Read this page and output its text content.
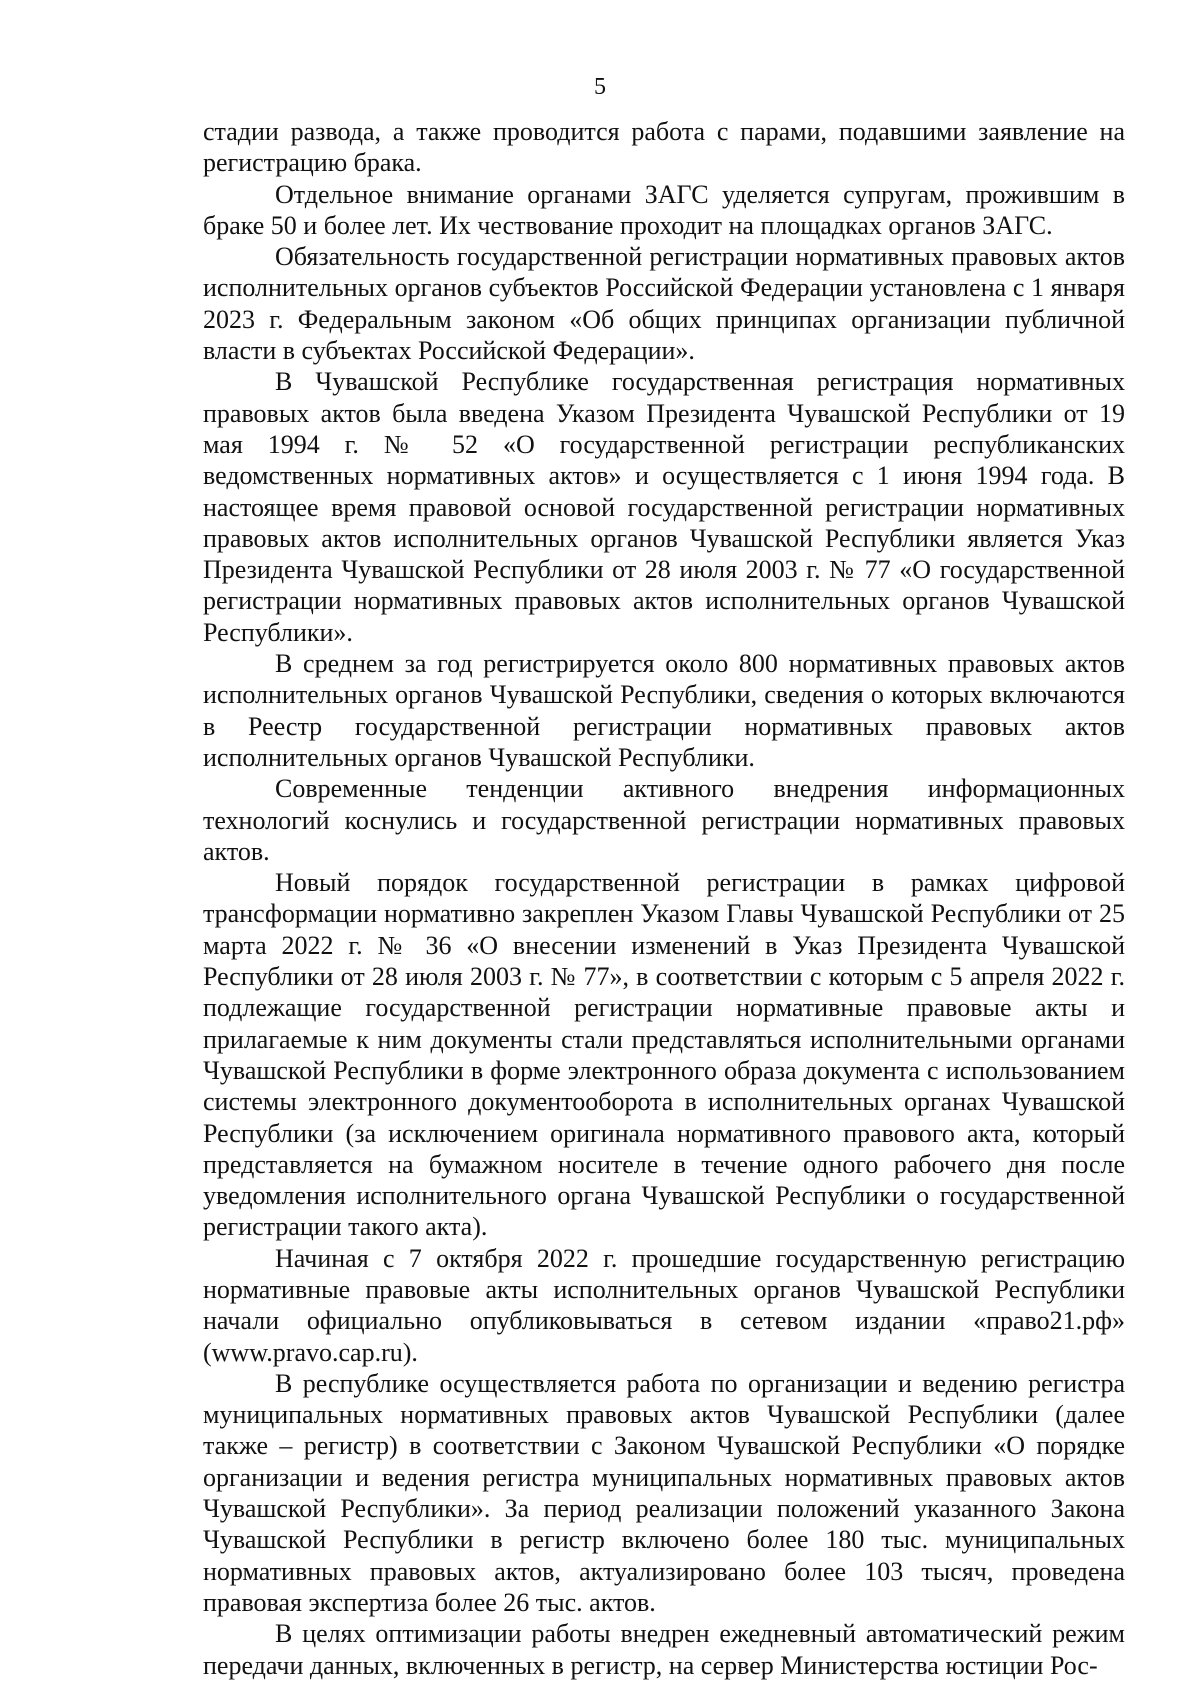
5

стадии развода, а также проводится работа с парами, подавшими заявление на регистрацию брака.

Отдельное внимание органами ЗАГС уделяется супругам, прожившим в браке 50 и более лет. Их чествование проходит на площадках органов ЗАГС.

Обязательность государственной регистрации нормативных правовых актов исполнительных органов субъектов Российской Федерации установлена с 1 января 2023 г. Федеральным законом «Об общих принципах организации публичной власти в субъектах Российской Федерации».

В Чувашской Республике государственная регистрация нормативных правовых актов была введена Указом Президента Чувашской Республики от 19 мая 1994 г. № 52 «О государственной регистрации республиканских ведомственных нормативных актов» и осуществляется с 1 июня 1994 года. В настоящее время правовой основой государственной регистрации нормативных правовых актов исполнительных органов Чувашской Республики является Указ Президента Чувашской Республики от 28 июля 2003 г. № 77 «О государственной регистрации нормативных правовых актов исполнительных органов Чувашской Республики».

В среднем за год регистрируется около 800 нормативных правовых актов исполнительных органов Чувашской Республики, сведения о которых включаются в Реестр государственной регистрации нормативных правовых актов исполнительных органов Чувашской Республики.

Современные тенденции активного внедрения информационных технологий коснулись и государственной регистрации нормативных правовых актов.

Новый порядок государственной регистрации в рамках цифровой трансформации нормативно закреплен Указом Главы Чувашской Республики от 25 марта 2022 г. № 36 «О внесении изменений в Указ Президента Чувашской Республики от 28 июля 2003 г. № 77», в соответствии с которым с 5 апреля 2022 г. подлежащие государственной регистрации нормативные правовые акты и прилагаемые к ним документы стали представляться исполнительными органами Чувашской Республики в форме электронного образа документа с использованием системы электронного документооборота в исполнительных органах Чувашской Республики (за исключением оригинала нормативного правового акта, который представляется на бумажном носителе в течение одного рабочего дня после уведомления исполнительного органа Чувашской Республики о государственной регистрации такого акта).

Начиная с 7 октября 2022 г. прошедшие государственную регистрацию нормативные правовые акты исполнительных органов Чувашской Республики начали официально опубликовываться в сетевом издании «право21.рф» (www.pravo.cap.ru).

В республике осуществляется работа по организации и ведению регистра муниципальных нормативных правовых актов Чувашской Республики (далее также – регистр) в соответствии с Законом Чувашской Республики «О порядке организации и ведения регистра муниципальных нормативных правовых актов Чувашской Республики». За период реализации положений указанного Закона Чувашской Республики в регистр включено более 180 тыс. муниципальных нормативных правовых актов, актуализировано более 103 тысяч, проведена правовая экспертиза более 26 тыс. актов.

В целях оптимизации работы внедрен ежедневный автоматический режим передачи данных, включенных в регистр, на сервер Министерства юстиции Рос-
